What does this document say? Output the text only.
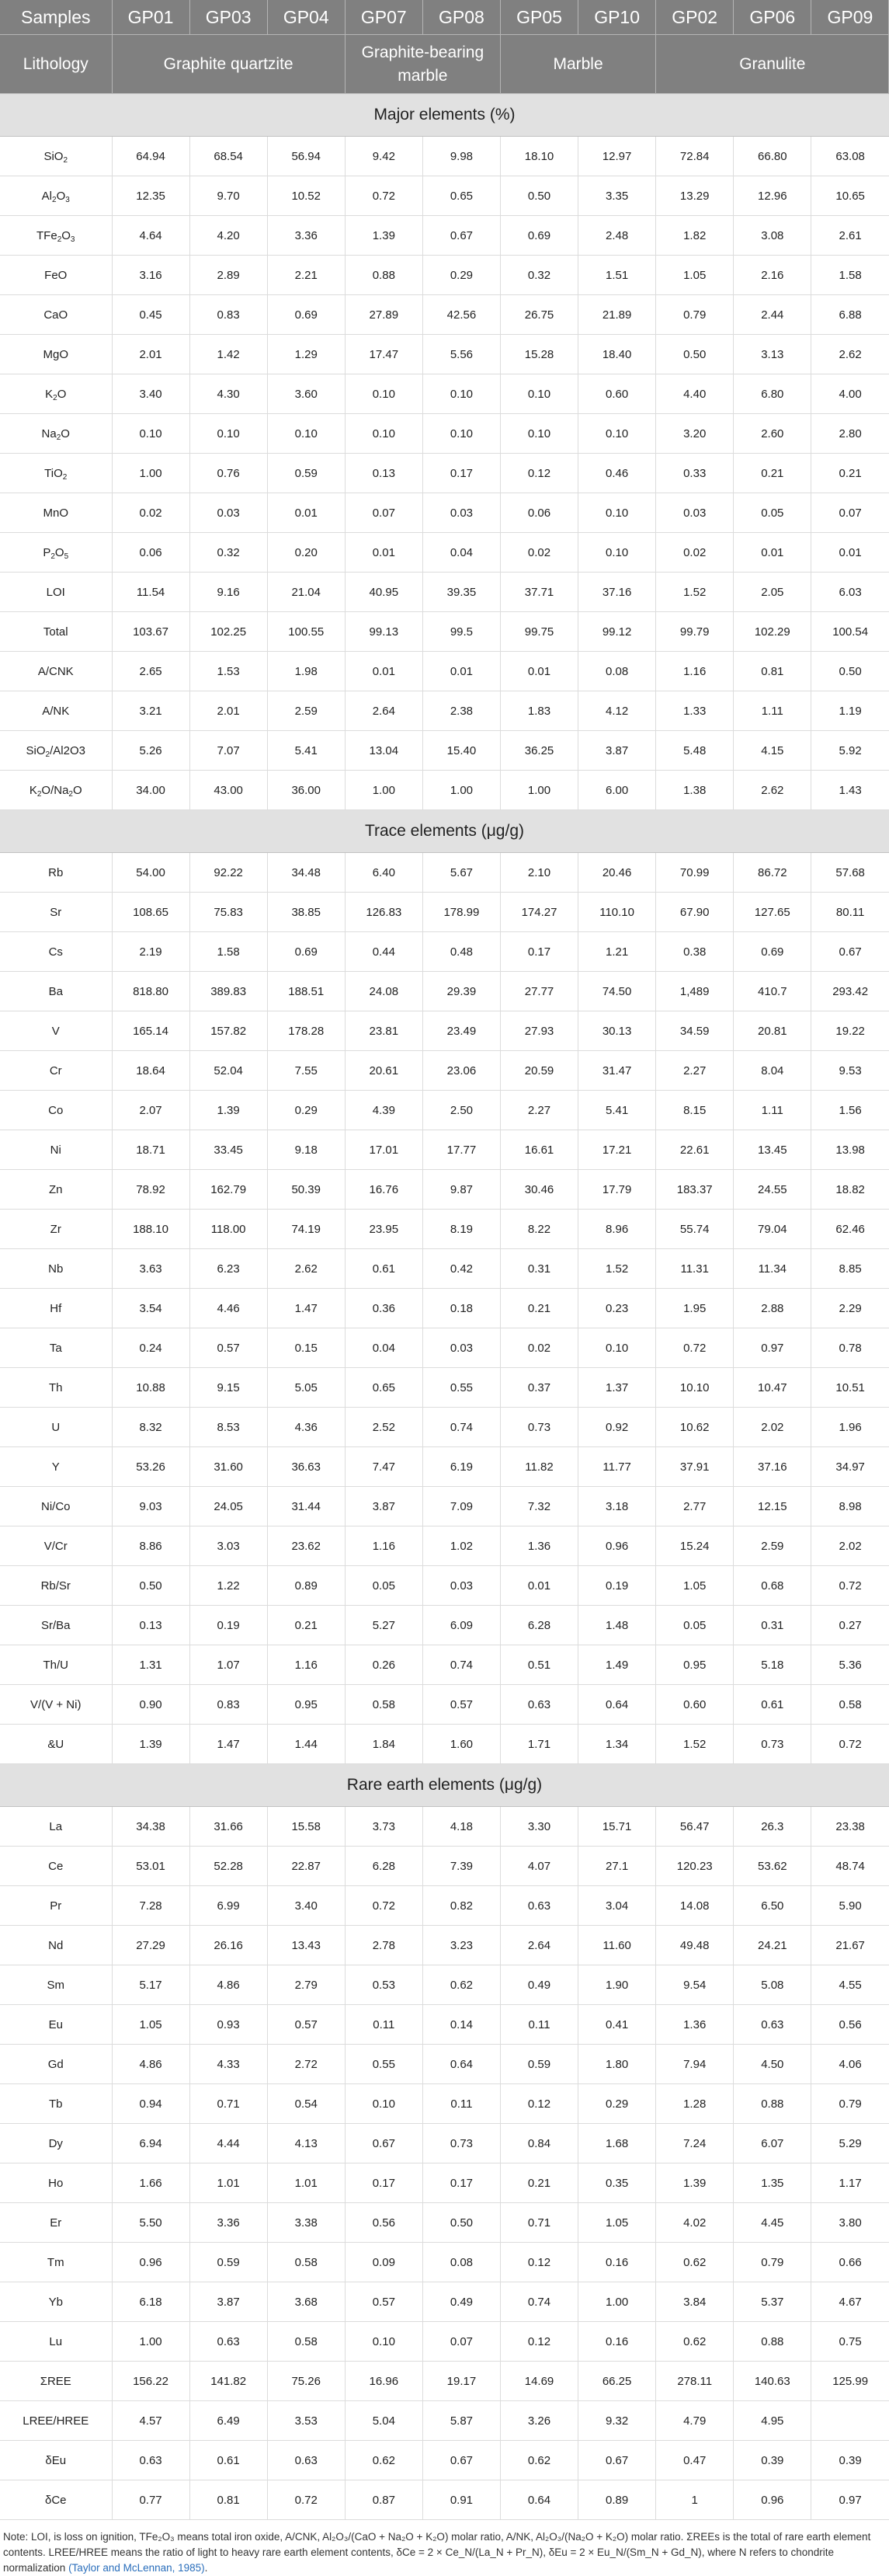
Samples	GP01	GP03	GP04	GP07	GP08	GP05	GP10	GP02	GP06	GP09
Lithology	Graphite quartzite			Graphite-bearing marble		Marble		Granulite		
Major elements (%)										
SiO$_2$	64.94	68.54	56.94	9.42	9.98	18.10	12.97	72.84	66.80	63.08
$Al_2O_3$	12.35	9.70	10.52	0.72	0.65	0.50	3.35	13.29	12.96	10.65
$TFe_2O_3$	4.64	4.20	3.36	1.39	0.67	0.69	2.48	1.82	3.08	2.61
FeO	3.16	2.89	2.21	0.88	0.29	0.32	1.51	1.05	2.16	1.58
CaO	0.45	0.83	0.69	27.89	42.56	26.75	21.89	0.79	2.44	6.88
MgO	2.01	1.42	1.29	17.47	5.56	15.28	18.40	0.50	3.13	2.62
$K_2O$	3.40	4.30	3.60	0.10	0.10	0.10	0.60	4.40	6.80	4.00
$Na_2O$	0.10	0.10	0.10	0.10	0.10	0.10	0.10	3.20	2.60	2.80
TiO$_2$	1.00	0.76	0.59	0.13	0.17	0.12	0.46	0.33	0.21	0.21
MnO	0.02	0.03	0.01	0.07	0.03	0.06	0.10	0.03	0.05	0.07
$P_2O_5$	0.06	0.32	0.20	0.01	0.04	0.02	0.10	0.02	0.01	0.01
LOI	11.54	9.16	21.04	40.95	39.35	37.71	37.16	1.52	2.05	6.03
Total	103.67	102.25	100.55	99.13	99.5	99.75	99.12	99.79	102.29	100.54
A/CNK	2.65	1.53	1.98	0.01	0.01	0.01	0.08	1.16	0.81	0.50
A/NK	3.21	2.01	2.59	2.64	2.38	1.83	4.12	1.33	1.11	1.19
SiO$_2$/Al2O3	5.26	7.07	5.41	13.04	15.40	36.25	3.87	5.48	4.15	5.92
$K_2O/Na_2O$	34.00	43.00	36.00	1.00	1.00	1.00	6.00	1.38	2.62	1.43
Trace elements (μg/g)										
Rb	54.00	92.22	34.48	6.40	5.67	2.10	20.46	70.99	86.72	57.68
Sr	108.65	75.83	38.85	126.83	178.99	174.27	110.10	67.90	127.65	80.11
Cs	2.19	1.58	0.69	0.44	0.48	0.17	1.21	0.38	0.69	0.67
Ba	818.80	389.83	188.51	24.08	29.39	27.77	74.50	1,489	410.7	293.42
V	165.14	157.82	178.28	23.81	23.49	27.93	30.13	34.59	20.81	19.22
Cr	18.64	52.04	7.55	20.61	23.06	20.59	31.47	2.27	8.04	9.53
Co	2.07	1.39	0.29	4.39	2.50	2.27	5.41	8.15	1.11	1.56
Ni	18.71	33.45	9.18	17.01	17.77	16.61	17.21	22.61	13.45	13.98
Zn	78.92	162.79	50.39	16.76	9.87	30.46	17.79	183.37	24.55	18.82
Zr	188.10	118.00	74.19	23.95	8.19	8.22	8.96	55.74	79.04	62.46
Nb	3.63	6.23	2.62	0.61	0.42	0.31	1.52	11.31	11.34	8.85
Hf	3.54	4.46	1.47	0.36	0.18	0.21	0.23	1.95	2.88	2.29
Ta	0.24	0.57	0.15	0.04	0.03	0.02	0.10	0.72	0.97	0.78
Th	10.88	9.15	5.05	0.65	0.55	0.37	1.37	10.10	10.47	10.51
U	8.32	8.53	4.36	2.52	0.74	0.73	0.92	10.62	2.02	1.96
Y	53.26	31.60	36.63	7.47	6.19	11.82	11.77	37.91	37.16	34.97
Ni/Co	9.03	24.05	31.44	3.87	7.09	7.32	3.18	2.77	12.15	8.98
V/Cr	8.86	3.03	23.62	1.16	1.02	1.36	0.96	15.24	2.59	2.02
Rb/Sr	0.50	1.22	0.89	0.05	0.03	0.01	0.19	1.05	0.68	0.72
Sr/Ba	0.13	0.19	0.21	5.27	6.09	6.28	1.48	0.05	0.31	0.27
Th/U	1.31	1.07	1.16	0.26	0.74	0.51	1.49	0.95	5.18	5.36
V/(V + Ni)	0.90	0.83	0.95	0.58	0.57	0.63	0.64	0.60	0.61	0.58
&U	1.39	1.47	1.44	1.84	1.60	1.71	1.34	1.52	0.73	0.72
Rare earth elements (μg/g)										
La	34.38	31.66	15.58	3.73	4.18	3.30	15.71	56.47	26.3	23.38
Ce	53.01	52.28	22.87	6.28	7.39	4.07	27.1	120.23	53.62	48.74
Pr	7.28	6.99	3.40	0.72	0.82	0.63	3.04	14.08	6.50	5.90
Nd	27.29	26.16	13.43	2.78	3.23	2.64	11.60	49.48	24.21	21.67
Sm	5.17	4.86	2.79	0.53	0.62	0.49	1.90	9.54	5.08	4.55
Eu	1.05	0.93	0.57	0.11	0.14	0.11	0.41	1.36	0.63	0.56
Gd	4.86	4.33	2.72	0.55	0.64	0.59	1.80	7.94	4.50	4.06
Tb	0.94	0.71	0.54	0.10	0.11	0.12	0.29	1.28	0.88	0.79
Dy	6.94	4.44	4.13	0.67	0.73	0.84	1.68	7.24	6.07	5.29
Ho	1.66	1.01	1.01	0.17	0.17	0.21	0.35	1.39	1.35	1.17
Er	5.50	3.36	3.38	0.56	0.50	0.71	1.05	4.02	4.45	3.80
Tm	0.96	0.59	0.58	0.09	0.08	0.12	0.16	0.62	0.79	0.66
Yb	6.18	3.87	3.68	0.57	0.49	0.74	1.00	3.84	5.37	4.67
Lu	1.00	0.63	0.58	0.10	0.07	0.12	0.16	0.62	0.88	0.75
ΣREE	156.22	141.82	75.26	16.96	19.17	14.69	66.25	278.11	140.63	125.99
LREE/HREE	4.57	6.49	3.53	5.04	5.87	3.26	9.32	4.79	4.95	
δEu	0.63	0.61	0.63	0.62	0.67	0.62	0.67	0.47	0.39	0.39
δCe	0.77	0.81	0.72	0.87	0.91	0.64	0.89	1	0.96	0.97
Note: LOI, is loss on ignition, TFe₂O₃ means total iron oxide, A/CNK, Al₂O₃/(CaO + Na₂O + K₂O) molar ratio, A/NK, Al₂O₃/(Na₂O + K₂O) molar ratio. ΣREEs is the total of rare earth element contents. LREE/HREE means the ratio of light to heavy rare earth element contents, δCe = 2 × Ce_N/(La_N + Pr_N), δEu = 2 × Eu_N/(Sm_N + Gd_N), where N refers to chondrite normalization (Taylor and McLennan, 1985).
